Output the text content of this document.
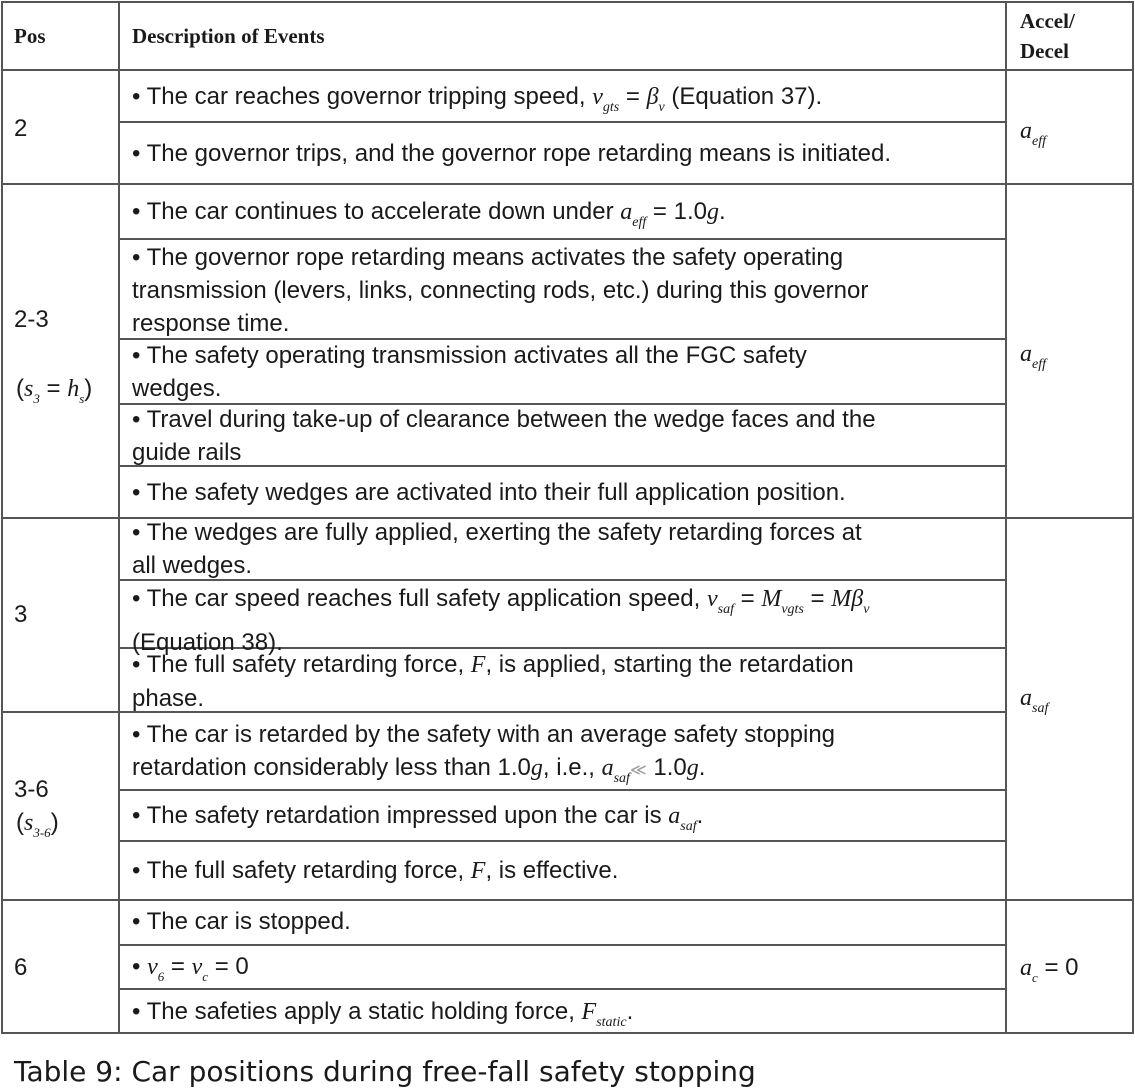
Pos	Description of Events
Accel/
Decel
2
2-3
$(s_3 = h_s)$
3
3-6
$(s_{3-6})$
6
• The car reaches governor tripping speed, $v_{gts} = \beta_v$ (Equation 37).
• The governor trips, and the governor rope retarding means is initiated.
• The car continues to accelerate down under $a_{eff} = 1.0g$.
• The governor rope retarding means activates the safety operating
transmission (levers, links, connecting rods, etc.) during this governor
response time.
• The safety operating transmission activates all the FGC safety
wedges.
• Travel during take-up of clearance between the wedge faces and the
guide rails
• The safety wedges are activated into their full application position.
• The wedges are fully applied, exerting the safety retarding forces at
all wedges.
• The car speed reaches full safety application speed, $v_{saf} = M_{vgts} = M\beta_v$
(Equation 38).
• The full safety retarding force, F, is applied, starting the retardation
phase.
• The car is retarded by the safety with an average safety stopping
retardation considerably less than 1.0g, i.e., $a_{saf}≪$ 1.0g.
• The safety retardation impressed upon the car is $a_{saf}$.
• The full safety retarding force, F, is effective.
• The car is stopped.
• $v_6 = v_c = 0$
• The safeties apply a static holding force, $F_{static}$.
$a_{eff}$
$a_{eff}$
$a_{saf}$
$a_c = 0$
Table 9: Car positions during free-fall safety stopping
